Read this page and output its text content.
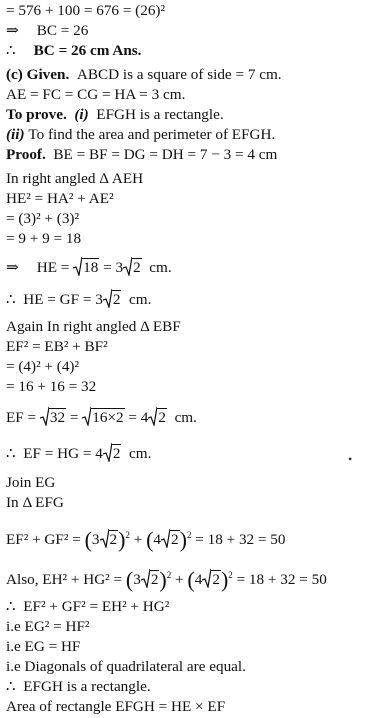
= 576 + 100 = 676 = (26)²
⇒ BC = 26
∴ BC = 26 cm Ans.
(c) Given. ABCD is a square of side = 7 cm.
AE = FC = CG = HA = 3 cm.
To prove. (i) EFGH is a rectangle.
(ii) To find the area and perimeter of EFGH.
Proof. BE = BF = DG = DH = 7 − 3 = 4 cm
In right angled Δ AEH
HE² = HA² + AE²
= (3)² + (3)²
= 9 + 9 = 18
⇒ HE = 18 = 3 2 cm.
∴ HE = GF = 3 2 cm.
Again In right angled Δ EBF
EF² = EB² + BF²
= (4)² + (4)²
= 16 + 16 = 32
EF = 32 = 16×2 = 4 2 cm.
∴ EF = HG = 4 2 cm.	•
Join EG
In Δ EFG
EF² + GF² = (3 2)$^2$ + (4 2)$^2$ = 18 + 32 = 50
Also, EH² + HG² = (3 2)$^2$ + (4 2)$^2$ = 18 + 32 = 50
∴ EF² + GF² = EH² + HG²
i.e EG² = HF²
i.e EG = HF
i.e Diagonals of quadrilateral are equal.
∴ EFGH is a rectangle.
Area of rectangle EFGH = HE × EF
